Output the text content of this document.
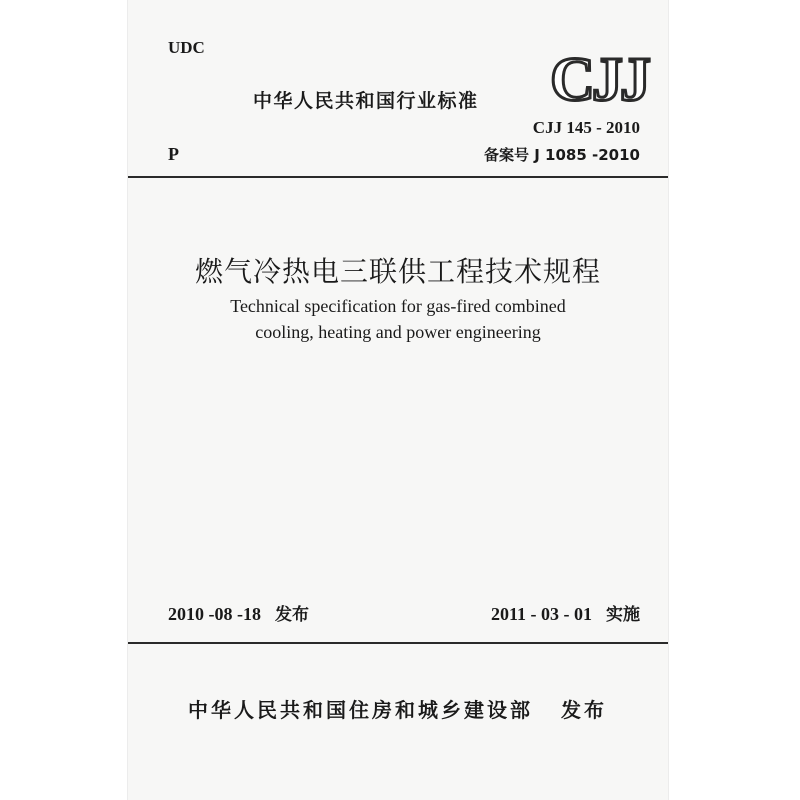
UDC
中华人民共和国行业标准 CJJ
CJJ 145 - 2010
P	备案号 J 1085 -2010
燃气冷热电三联供工程技术规程
Technical specification for gas-fired combined
cooling, heating and power engineering
2010 -08 -18 发布	2011 - 03 - 01 实施
中华人民共和国住房和城乡建设部 发布
